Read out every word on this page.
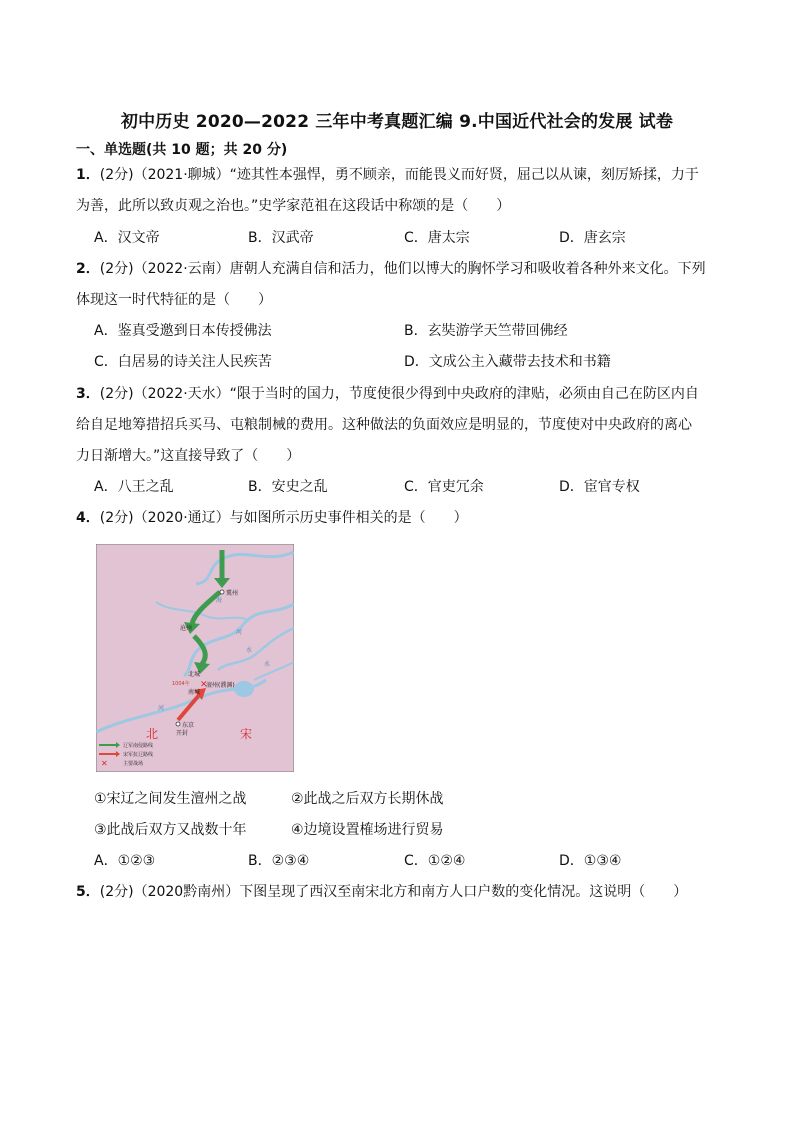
初中历史 2020—2022 三年中考真题汇编 9.中国近代社会的发展 试卷
一、单选题(共 10 题；共 20 分)
1．(2分)（2021·聊城）“迹其性本强悍，勇不顾亲，而能畏义而好贤，屈己以从谏，刻厉矫揉，力于
为善，此所以致贞观之治也。”史学家范祖在这段话中称颂的是（　　）
A．汉文帝	B．汉武帝	C．唐太宗	D．唐玄宗
2．(2分)（2022·云南）唐朝人充满自信和活力，他们以博大的胸怀学习和吸收着各种外来文化。下列
体现这一时代特征的是（　　）
A．鉴真受邀到日本传授佛法	B．玄奘游学天竺带回佛经
C．白居易的诗关注人民疾苦	D．文成公主入藏带去技术和书籍
3．(2分)（2022·天水）“限于当时的国力，节度使很少得到中央政府的津贴，必须由自己在防区内自
给自足地筹措招兵买马、屯粮制械的费用。这种做法的负面效应是明显的，节度使对中央政府的离心
力日渐增大。”这直接导致了（　　）
A．八王之乱	B．安史之乱	C．官吏冗余	D．宦官专权
4．(2分)（2020·通辽）与如图所示历史事件相关的是（　　）
海
河
河
水
水
冀州
沧州
北城
澶州(濮渊)
南城
1004年 ✕
东京
开封
北	宋
辽军南侵路线
宋军抗辽路线
✕	主要战场
①宋辽之间发生澶州之战	②此战之后双方长期休战
③此战后双方又战数十年	④边境设置榷场进行贸易
A．①②③	B．②③④	C．①②④	D．①③④
5．(2分)（2020黔南州）下图呈现了西汉至南宋北方和南方人口户数的变化情况。这说明（　　）
